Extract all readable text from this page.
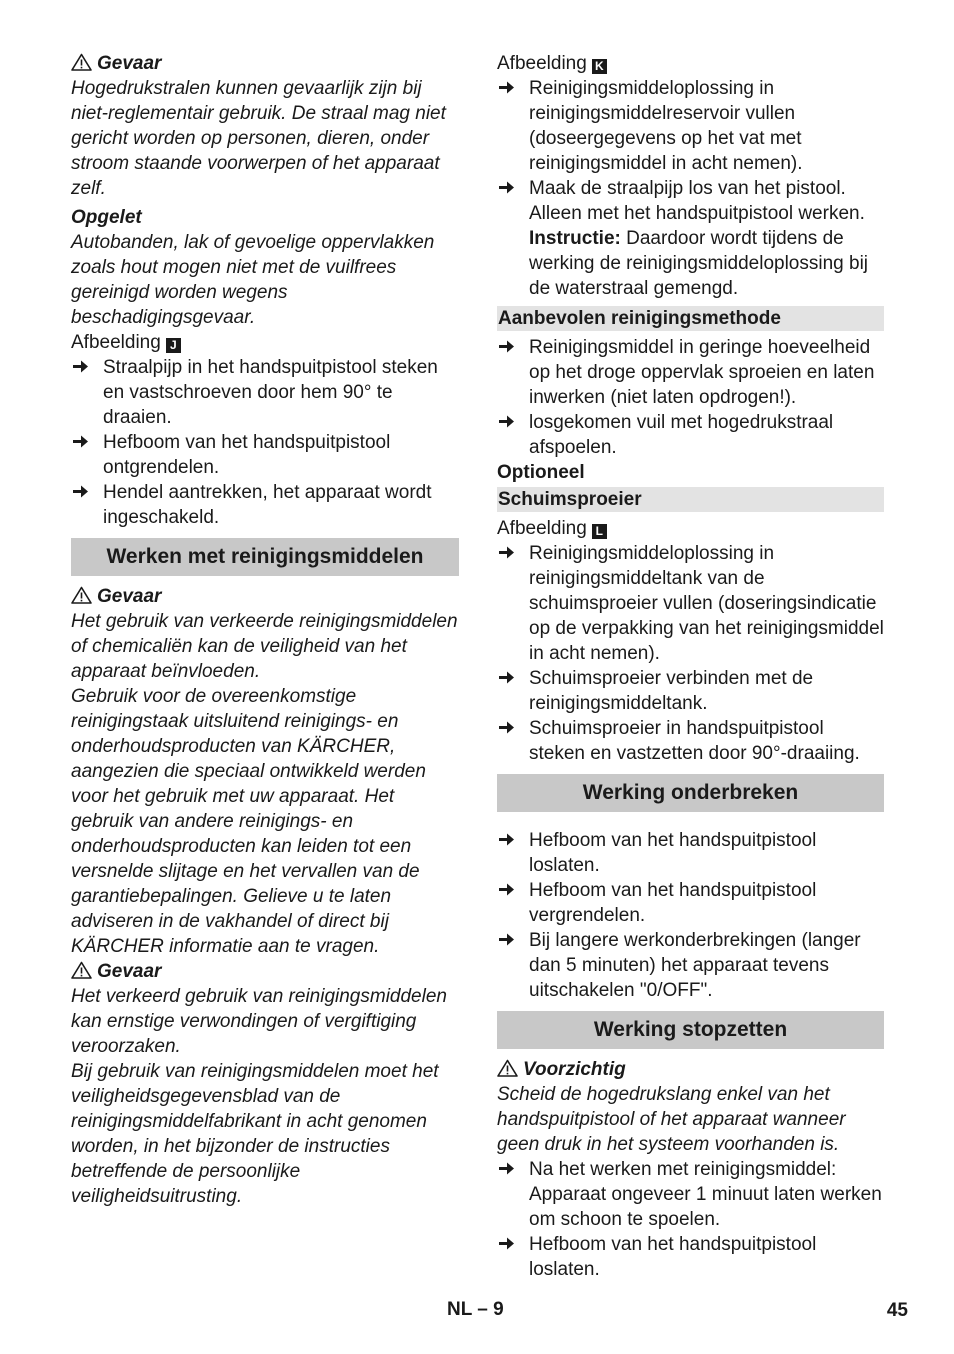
Gevaar

Hogedrukstralen kunnen gevaarlijk zijn bij niet-reglementair gebruik. De straal mag niet gericht worden op personen, dieren, onder stroom staande voorwerpen of het apparaat zelf.

Opgelet

Autobanden, lak of gevoelige oppervlakken zoals hout mogen niet met de vuilfrees gereinigd worden wegens beschadigingsgevaar.

Afbeelding J

Straalpijp in het handspuitpistool steken en vastschroeven door hem 90° te draaien.
Hefboom van het handspuitpistool ontgrendelen.
Hendel aantrekken, het apparaat wordt ingeschakeld.
Werken met reinigingsmiddelen

Gevaar

Het gebruik van verkeerde reinigingsmiddelen of chemicaliën kan de veiligheid van het apparaat beïnvloeden.

Gebruik voor de overeenkomstige reinigingstaak uitsluitend reinigings- en onderhoudsproducten van KÄRCHER, aangezien die speciaal ontwikkeld werden voor het gebruik met uw apparaat. Het gebruik van andere reinigings- en onderhoudsproducten kan leiden tot een versnelde slijtage en het vervallen van de garantiebepalingen. Gelieve u te laten adviseren in de vakhandel of direct bij KÄRCHER informatie aan te vragen.

Gevaar

Het verkeerd gebruik van reinigingsmiddelen kan ernstige verwondingen of vergiftiging veroorzaken.

Bij gebruik van reinigingsmiddelen moet het veiligheidsgegevensblad van de reinigingsmiddelfabrikant in acht genomen worden, in het bijzonder de instructies betreffende de persoonlijke veiligheidsuitrusting.

Afbeelding K

Reinigingsmiddeloplossing in reinigingsmiddelreservoir vullen (doseergegevens op het vat met reinigingsmiddel in acht nemen).
Maak de straalpijp los van het pistool. Alleen met het handspuitpistool werken.
Instructie: Daardoor wordt tijdens de werking de reinigingsmiddeloplossing bij de waterstraal gemengd.
Aanbevolen reinigingsmethode
Reinigingsmiddel in geringe hoeveelheid op het droge oppervlak sproeien en laten inwerken (niet laten opdrogen!).
losgekomen vuil met hogedrukstraal afspoelen.

Optioneel

Schuimsproeier

Afbeelding L

Reinigingsmiddeloplossing in reinigingsmiddeltank van de schuimsproeier vullen (doseringsindicatie op de verpakking van het reinigingsmiddel in acht nemen).
Schuimsproeier verbinden met de reinigingsmiddeltank.
Schuimsproeier in handspuitpistool steken en vastzetten door 90°-draaiing.
Werking onderbreken
Hefboom van het handspuitpistool loslaten.
Hefboom van het handspuitpistool vergrendelen.
Bij langere werkonderbrekingen (langer dan 5 minuten) het apparaat tevens uitschakelen "0/OFF".
Werking stopzetten

Voorzichtig

Scheid de hogedrukslang enkel van het handspuitpistool of het apparaat wanneer geen druk in het systeem voorhanden is.

Na het werken met reinigingsmiddel: Apparaat ongeveer 1 minuut laten werken om schoon te spoelen.
Hefboom van het handspuitpistool loslaten.
NL – 9	45
